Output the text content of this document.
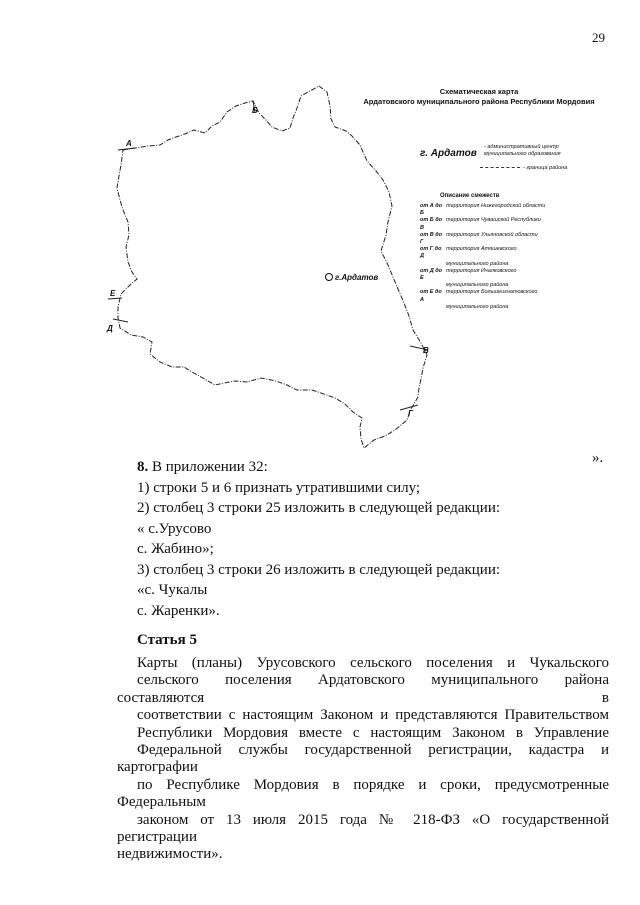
29
Схематическая карта
Ардатовского муниципального района Республики Мордовия
г. Ардатов
- административный центр
муниципального образования
- граница района
Описание смежеств
от А до Б
территория Нижегородской области
от Б до В
территория Чувашской Республики
от В до Г
территория Ульяновской области
от Г до Д
территория Атяшевского
муниципального района
от Д до Е
территория Ичалковского
муниципального района
от Е до А
территория Большеигнатовского
муниципального района
г.Ардатов
А
Б
В
Г
Д
Е
».
8. В приложении 32:
1) строки 5 и 6 признать утратившими силу;
2) столбец 3 строки 25 изложить в следующей редакции:
« с.Урусово
с. Жабино»;
3) столбец 3 строки 26 изложить в следующей редакции:
«с. Чукалы
с. Жаренки».
Статья 5
Карты (планы) Урусовского сельского поселения и Чукальского
сельского поселения Ардатовского муниципального района составляются в
соответствии с настоящим Законом и представляются Правительством
Республики Мордовия вместе с настоящим Законом в Управление
Федеральной службы государственной регистрации, кадастра и картографии
по Республике Мордовия в порядке и сроки, предусмотренные Федеральным
законом от 13 июля 2015 года № 218-ФЗ «О государственной регистрации
недвижимости».
